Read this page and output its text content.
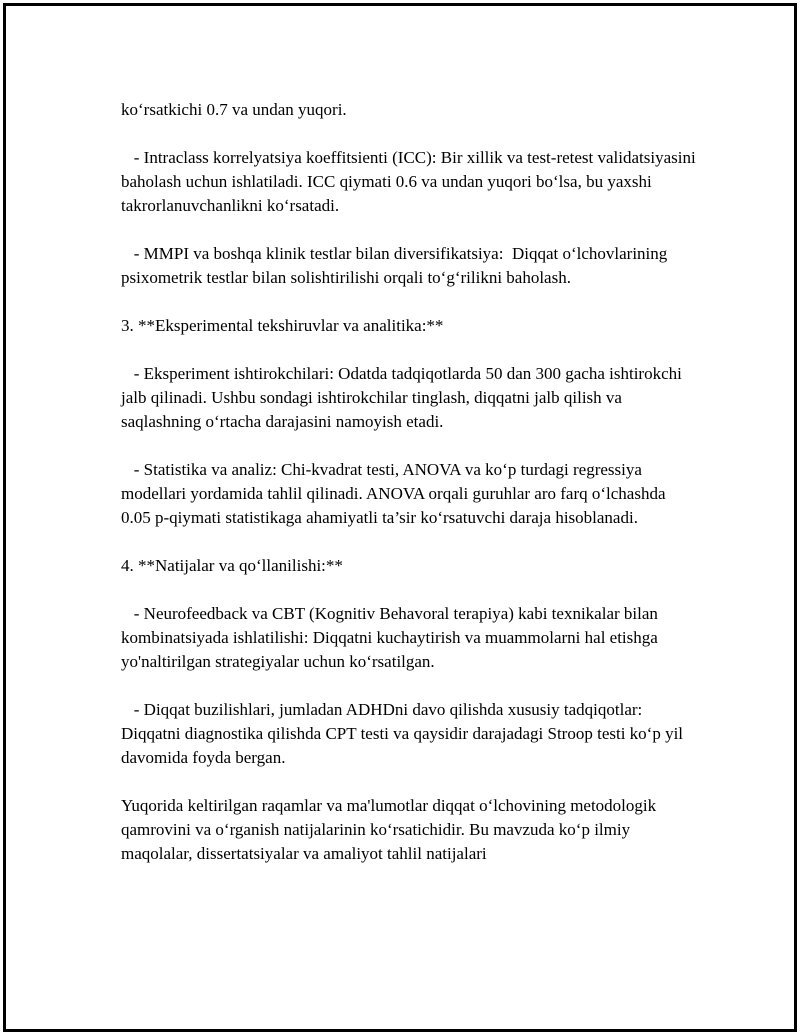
koʻrsatkichi 0.7 va undan yuqori.

- Intraclass korrelyatsiya koeffitsienti (ICC): Bir xillik va test-retest validatsiyasini baholash uchun ishlatiladi. ICC qiymati 0.6 va undan yuqori boʻlsa, bu yaxshi takrorlanuvchanlikni koʻrsatadi.

- MMPI va boshqa klinik testlar bilan diversifikatsiya:  Diqqat oʻlchovlarining psixometrik testlar bilan solishtirilishi orqali toʻgʻrilikni baholash.

3. **Eksperimental tekshiruvlar va analitika:**

- Eksperiment ishtirokchilari: Odatda tadqiqotlarda 50 dan 300 gacha ishtirokchi jalb qilinadi. Ushbu sondagi ishtirokchilar tinglash, diqqatni jalb qilish va saqlashning oʻrtacha darajasini namoyish etadi.

- Statistika va analiz: Chi-kvadrat testi, ANOVA va koʻp turdagi regressiya modellari yordamida tahlil qilinadi. ANOVA orqali guruhlar aro farq oʻlchashda 0.05 p-qiymati statistikaga ahamiyatli ta’sir koʻrsatuvchi daraja hisoblanadi.

4. **Natijalar va qoʻllanilishi:**

- Neurofeedback va CBT (Kognitiv Behavoral terapiya) kabi texnikalar bilan kombinatsiyada ishlatilishi: Diqqatni kuchaytirish va muammolarni hal etishga yo'naltirilgan strategiyalar uchun koʻrsatilgan.

- Diqqat buzilishlari, jumladan ADHDni davo qilishda xususiy tadqiqotlar: Diqqatni diagnostika qilishda CPT testi va qaysidir darajadagi Stroop testi koʻp yil davomida foyda bergan.

Yuqorida keltirilgan raqamlar va ma'lumotlar diqqat oʻlchovining metodologik qamrovini va oʻrganish natijalarinin koʻrsatichidir. Bu mavzuda koʻp ilmiy maqolalar, dissertatsiyalar va amaliyot tahlil natijalari
